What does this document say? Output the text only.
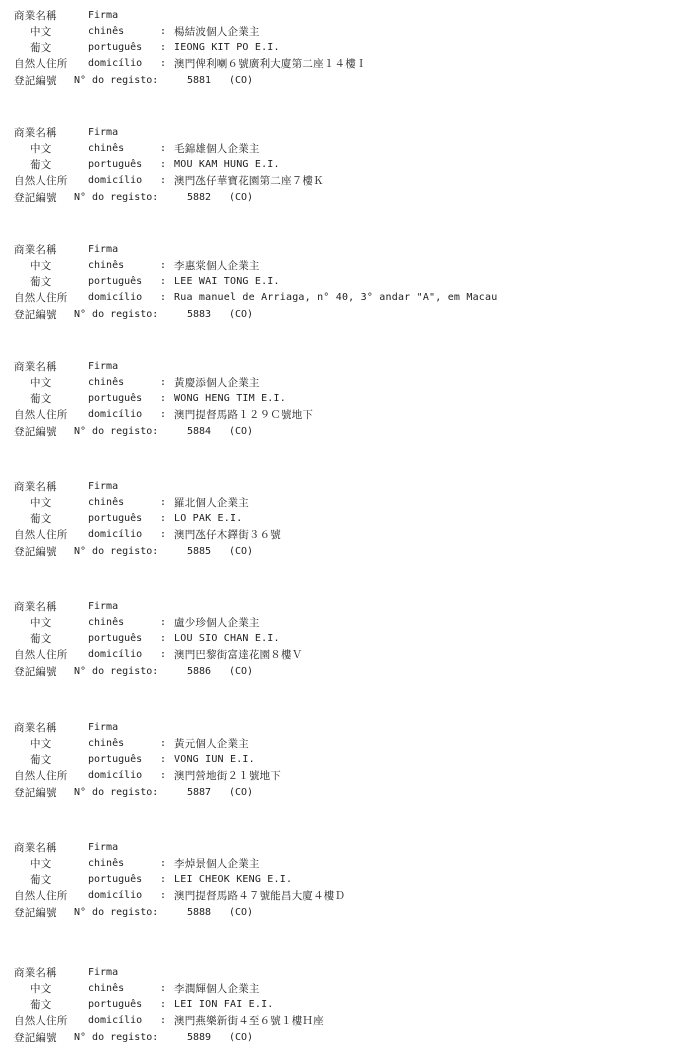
商業名稱	Firma
中文	chinês	: 楊結波個人企業主
葡文	português : IEONG KIT PO E.I.
自然人住所 domicílio : 澳門俾利喇６號廣利大廈第二座１４樓Ｉ
登記編號 N° do registo:	5881 (CO)
商業名稱	Firma
中文	chinês	: 毛錦雄個人企業主
葡文	português : MOU KAM HUNG E.I.
自然人住所 domicílio : 澳門氹仔華寶花園第二座７樓Ｋ
登記編號 N° do registo:	5882 (CO)
商業名稱	Firma
中文	chinês	: 李惠棠個人企業主
葡文	português : LEE WAI TONG E.I.
自然人住所 domicílio : Rua manuel de Arriaga, n° 40, 3° andar "A", em Macau
登記編號 N° do registo:	5883 (CO)
商業名稱	Firma
中文	chinês	: 黃慶添個人企業主
葡文	português : WONG HENG TIM E.I.
自然人住所 domicílio : 澳門提督馬路１２９Ｃ號地下
登記編號 N° do registo:	5884 (CO)
商業名稱	Firma
中文	chinês	: 羅北個人企業主
葡文	português : LO PAK E.I.
自然人住所 domicílio : 澳門氹仔木鐸街３６號
登記編號 N° do registo:	5885 (CO)
商業名稱	Firma
中文	chinês	: 盧少珍個人企業主
葡文	português : LOU SIO CHAN E.I.
自然人住所 domicílio : 澳門巴黎街富達花園８樓Ｖ
登記編號 N° do registo:	5886 (CO)
商業名稱	Firma
中文	chinês	: 黃元個人企業主
葡文	português : VONG IUN E.I.
自然人住所 domicílio : 澳門營地街２１號地下
登記編號 N° do registo:	5887 (CO)
商業名稱	Firma
中文	chinês	: 李焯景個人企業主
葡文	português : LEI CHEOK KENG E.I.
自然人住所 domicílio : 澳門提督馬路４７號能昌大廈４樓Ｄ
登記編號 N° do registo:	5888 (CO)
商業名稱	Firma
中文	chinês	: 李潤輝個人企業主
葡文	português : LEI ION FAI E.I.
自然人住所 domicílio : 澳門燕樂新街４至６號１樓Ｈ座
登記編號 N° do registo:	5889 (CO)
